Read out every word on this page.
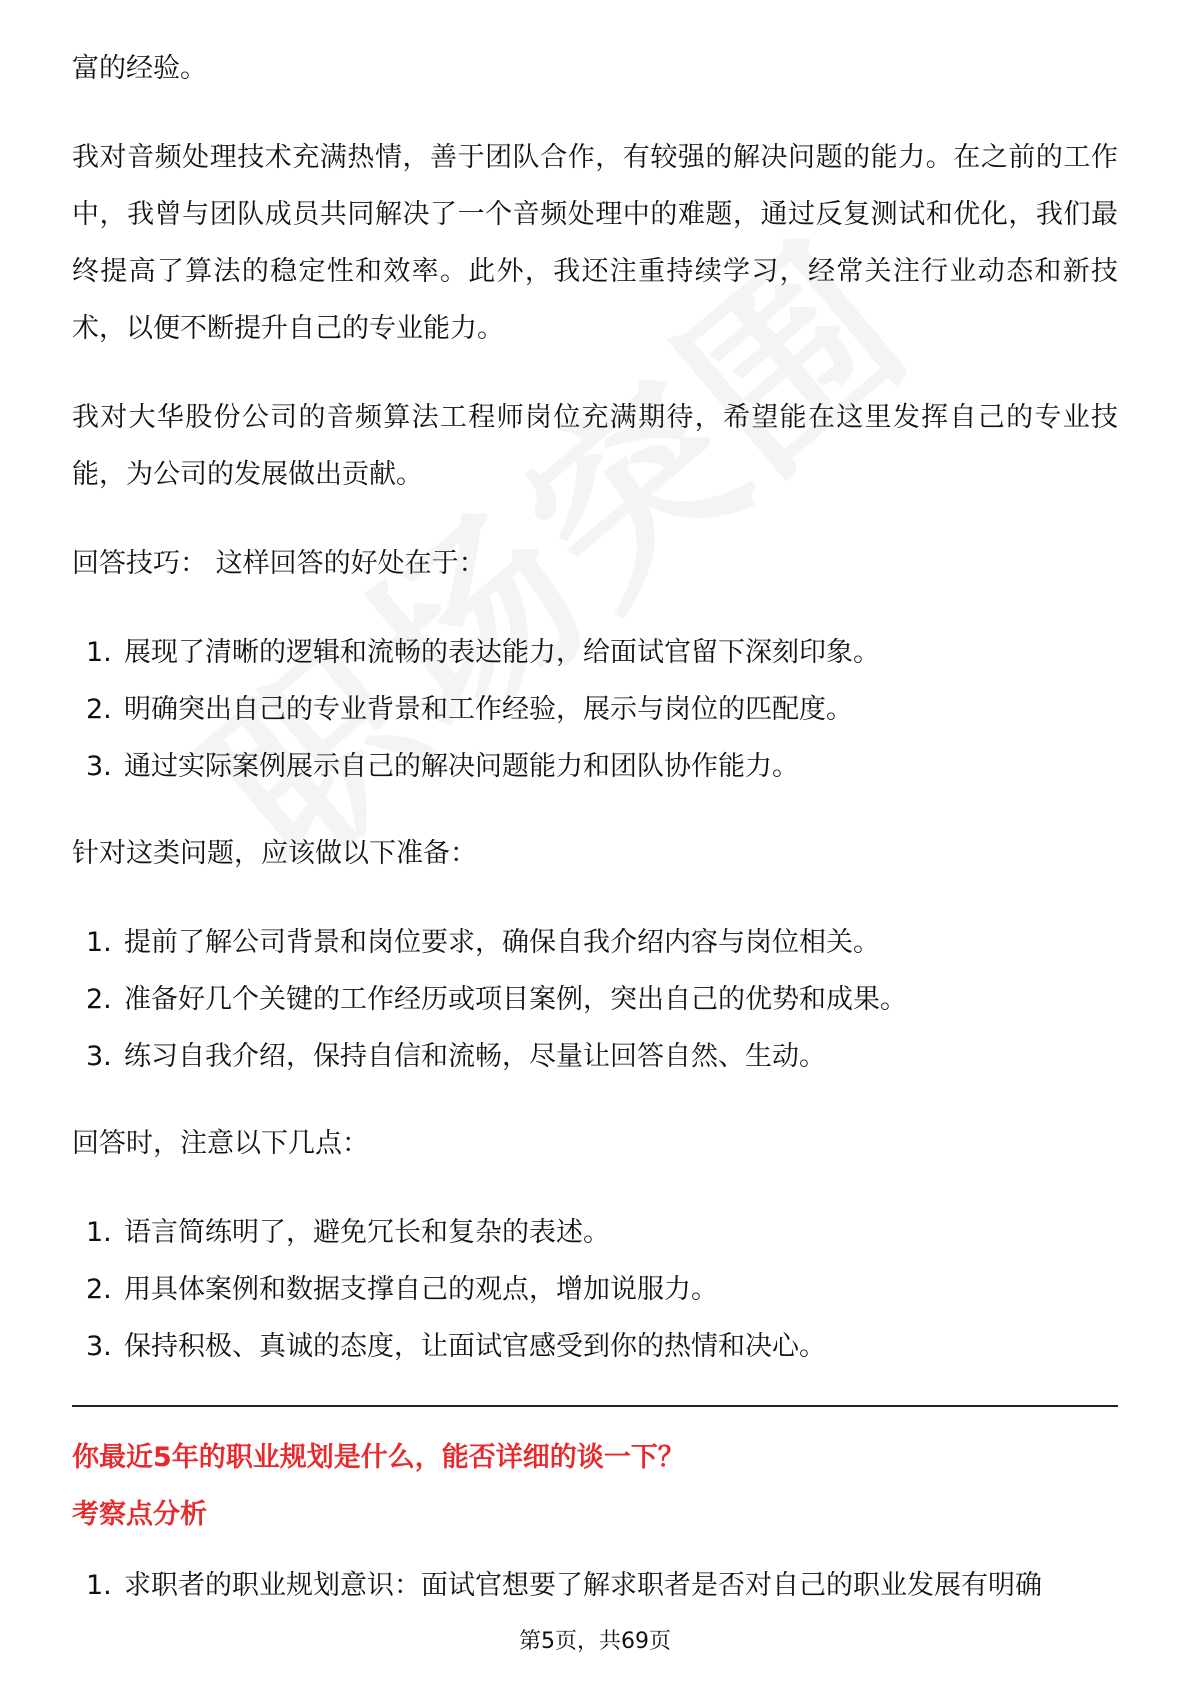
富的经验。

我对音频处理技术充满热情，善于团队合作，有较强的解决问题的能力。在之前的工作中，我曾与团队成员共同解决了一个音频处理中的难题，通过反复测试和优化，我们最终提高了算法的稳定性和效率。此外，我还注重持续学习，经常关注行业动态和新技术，以便不断提升自己的专业能力。

我对大华股份公司的音频算法工程师岗位充满期待，希望能在这里发挥自己的专业技能，为公司的发展做出贡献。

回答技巧： 这样回答的好处在于：

1. 展现了清晰的逻辑和流畅的表达能力，给面试官留下深刻印象。
2. 明确突出自己的专业背景和工作经验，展示与岗位的匹配度。
3. 通过实际案例展示自己的解决问题能力和团队协作能力。

针对这类问题，应该做以下准备：

1. 提前了解公司背景和岗位要求，确保自我介绍内容与岗位相关。
2. 准备好几个关键的工作经历或项目案例，突出自己的优势和成果。
3. 练习自我介绍，保持自信和流畅，尽量让回答自然、生动。

回答时，注意以下几点：

1. 语言简练明了，避免冗长和复杂的表述。
2. 用具体案例和数据支撑自己的观点，增加说服力。
3. 保持积极、真诚的态度，让面试官感受到你的热情和决心。

你最近5年的职业规划是什么，能否详细的谈一下？

考察点分析

1. 求职者的职业规划意识：面试官想要了解求职者是否对自己的职业发展有明确
第5页，共69页
